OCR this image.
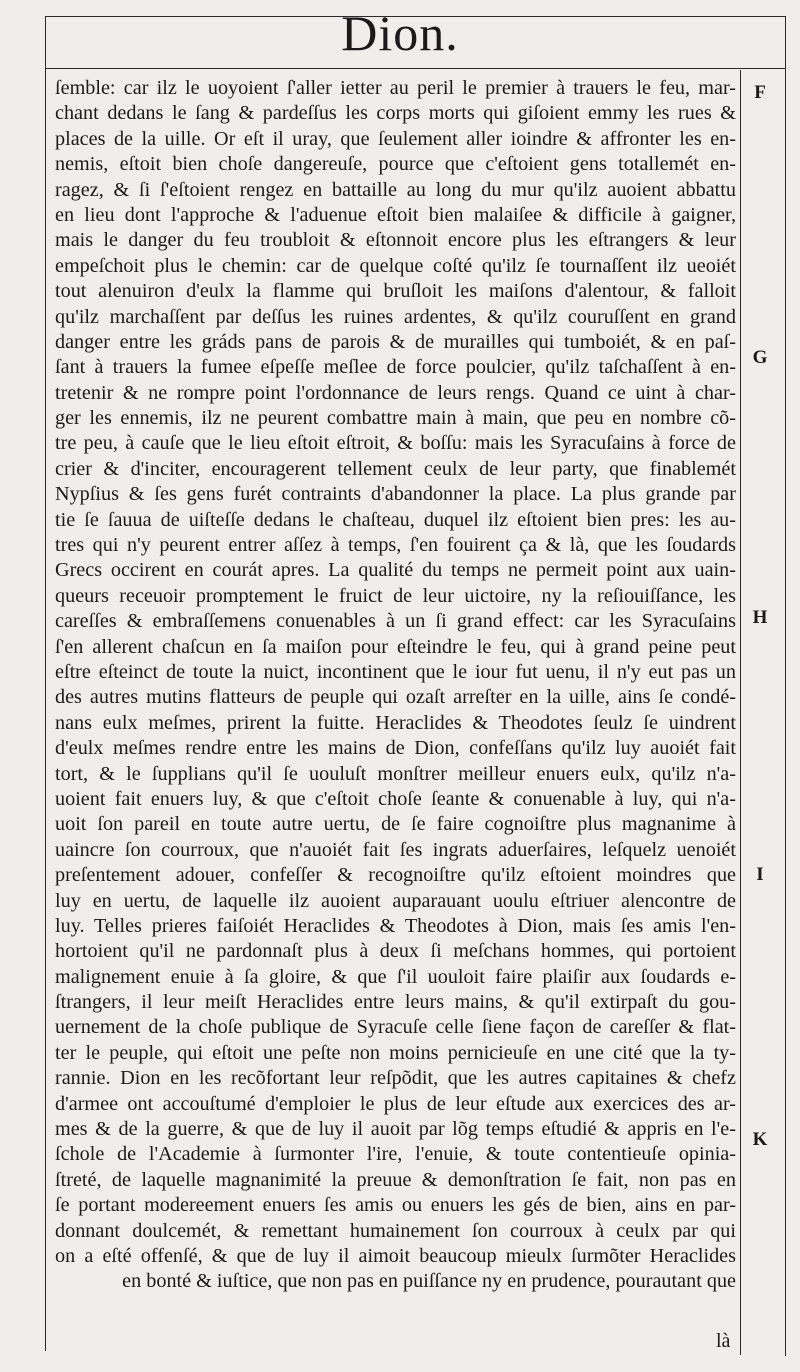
Dion.
ſemble: car ilz le uoyoient ſ'aller ietter au peril le premier à trauers le feu, mar-
chant dedans le ſang & pardeſſus les corps morts qui giſoient emmy les rues &
places de la uille. Or eſt il uray, que ſeulement aller ioindre & affronter les en-
nemis, eſtoit bien choſe dangereuſe, pource que c'eſtoient gens totallemét en-
ragez, & ſi ſ'eſtoient rengez en battaille au long du mur qu'ilz auoient abbattu
en lieu dont l'approche & l'aduenue eſtoit bien malaiſee & difficile à gaigner,
mais le danger du feu troubloit & eſtonnoit encore plus les eſtrangers & leur
empeſchoit plus le chemin: car de quelque coſté qu'ilz ſe tournaſſent ilz ueoiét
tout alenuiron d'eulx la flamme qui bruſloit les maiſons d'alentour, & falloit
qu'ilz marchaſſent par deſſus les ruines ardentes, & qu'ilz couruſſent en grand
danger entre les gráds pans de parois & de murailles qui tumboiét, & en paſ-
ſant à trauers la fumee eſpeſſe meſlee de force poulcier, qu'ilz taſchaſſent à en-
tretenir & ne rompre point l'ordonnance de leurs rengs. Quand ce uint à char-
ger les ennemis, ilz ne peurent combattre main à main, que peu en nombre cõ-
tre peu, à cauſe que le lieu eſtoit eſtroit, & boſſu: mais les Syracuſains à force de
crier & d'inciter, encouragerent tellement ceulx de leur party, que finablemét
Nypſius & ſes gens furét contraints d'abandonner la place. La plus grande par
tie ſe ſauua de uiſteſſe dedans le chaſteau, duquel ilz eſtoient bien pres: les au-
tres qui n'y peurent entrer aſſez à temps, ſ'en fouirent ça & là, que les ſoudards
Grecs occirent en courát apres. La qualité du temps ne permeit point aux uain-
queurs receuoir promptement le fruict de leur uictoire, ny la reſiouiſſance, les
careſſes & embraſſemens conuenables à un ſi grand effect: car les Syracuſains
ſ'en allerent chaſcun en ſa maiſon pour eſteindre le feu, qui à grand peine peut
eſtre eſteinct de toute la nuict, incontinent que le iour fut uenu, il n'y eut pas un
des autres mutins flatteurs de peuple qui ozaſt arreſter en la uille, ains ſe condé-
nans eulx meſmes, prirent la fuitte. Heraclides & Theodotes ſeulz ſe uindrent
d'eulx meſmes rendre entre les mains de Dion, confeſſans qu'ilz luy auoiét fait
tort, & le ſupplians qu'il ſe uouluſt monſtrer meilleur enuers eulx, qu'ilz n'a-
uoient fait enuers luy, & que c'eſtoit choſe ſeante & conuenable à luy, qui n'a-
uoit ſon pareil en toute autre uertu, de ſe faire cognoiſtre plus magnanime à
uaincre ſon courroux, que n'auoiét fait ſes ingrats aduerſaires, leſquelz uenoiét
preſentement adouer, confeſſer & recognoiſtre qu'ilz eſtoient moindres que
luy en uertu, de laquelle ilz auoient auparauant uoulu eſtriuer alencontre de
luy. Telles prieres faiſoiét Heraclides & Theodotes à Dion, mais ſes amis l'en-
hortoient qu'il ne pardonnaſt plus à deux ſi meſchans hommes, qui portoient
malignement enuie à ſa gloire, & que ſ'il uouloit faire plaiſir aux ſoudards e-
ſtrangers, il leur meiſt Heraclides entre leurs mains, & qu'il extirpaſt du gou-
uernement de la choſe publique de Syracuſe celle ſiene façon de careſſer & flat-
ter le peuple, qui eſtoit une peſte non moins pernicieuſe en une cité que la ty-
rannie. Dion en les recõfortant leur reſpõdit, que les autres capitaines & chefz
d'armee ont accouſtumé d'emploier le plus de leur eſtude aux exercices des ar-
mes & de la guerre, & que de luy il auoit par lõg temps eſtudié & appris en l'e-
ſchole de l'Academie à ſurmonter l'ire, l'enuie, & toute contentieuſe opinia-
ſtreté, de laquelle magnanimité la preuue & demonſtration ſe fait, non pas en
ſe portant modereement enuers ſes amis ou enuers les gés de bien, ains en par-
donnant doulcemét, & remettant humainement ſon courroux à ceulx par qui
on a eſté offenſé, & que de luy il aimoit beaucoup mieulx ſurmõter Heraclides
en bonté & iuſtice, que non pas en puiſſance ny en prudence, pourautant que
F
G
H
I
K
là
